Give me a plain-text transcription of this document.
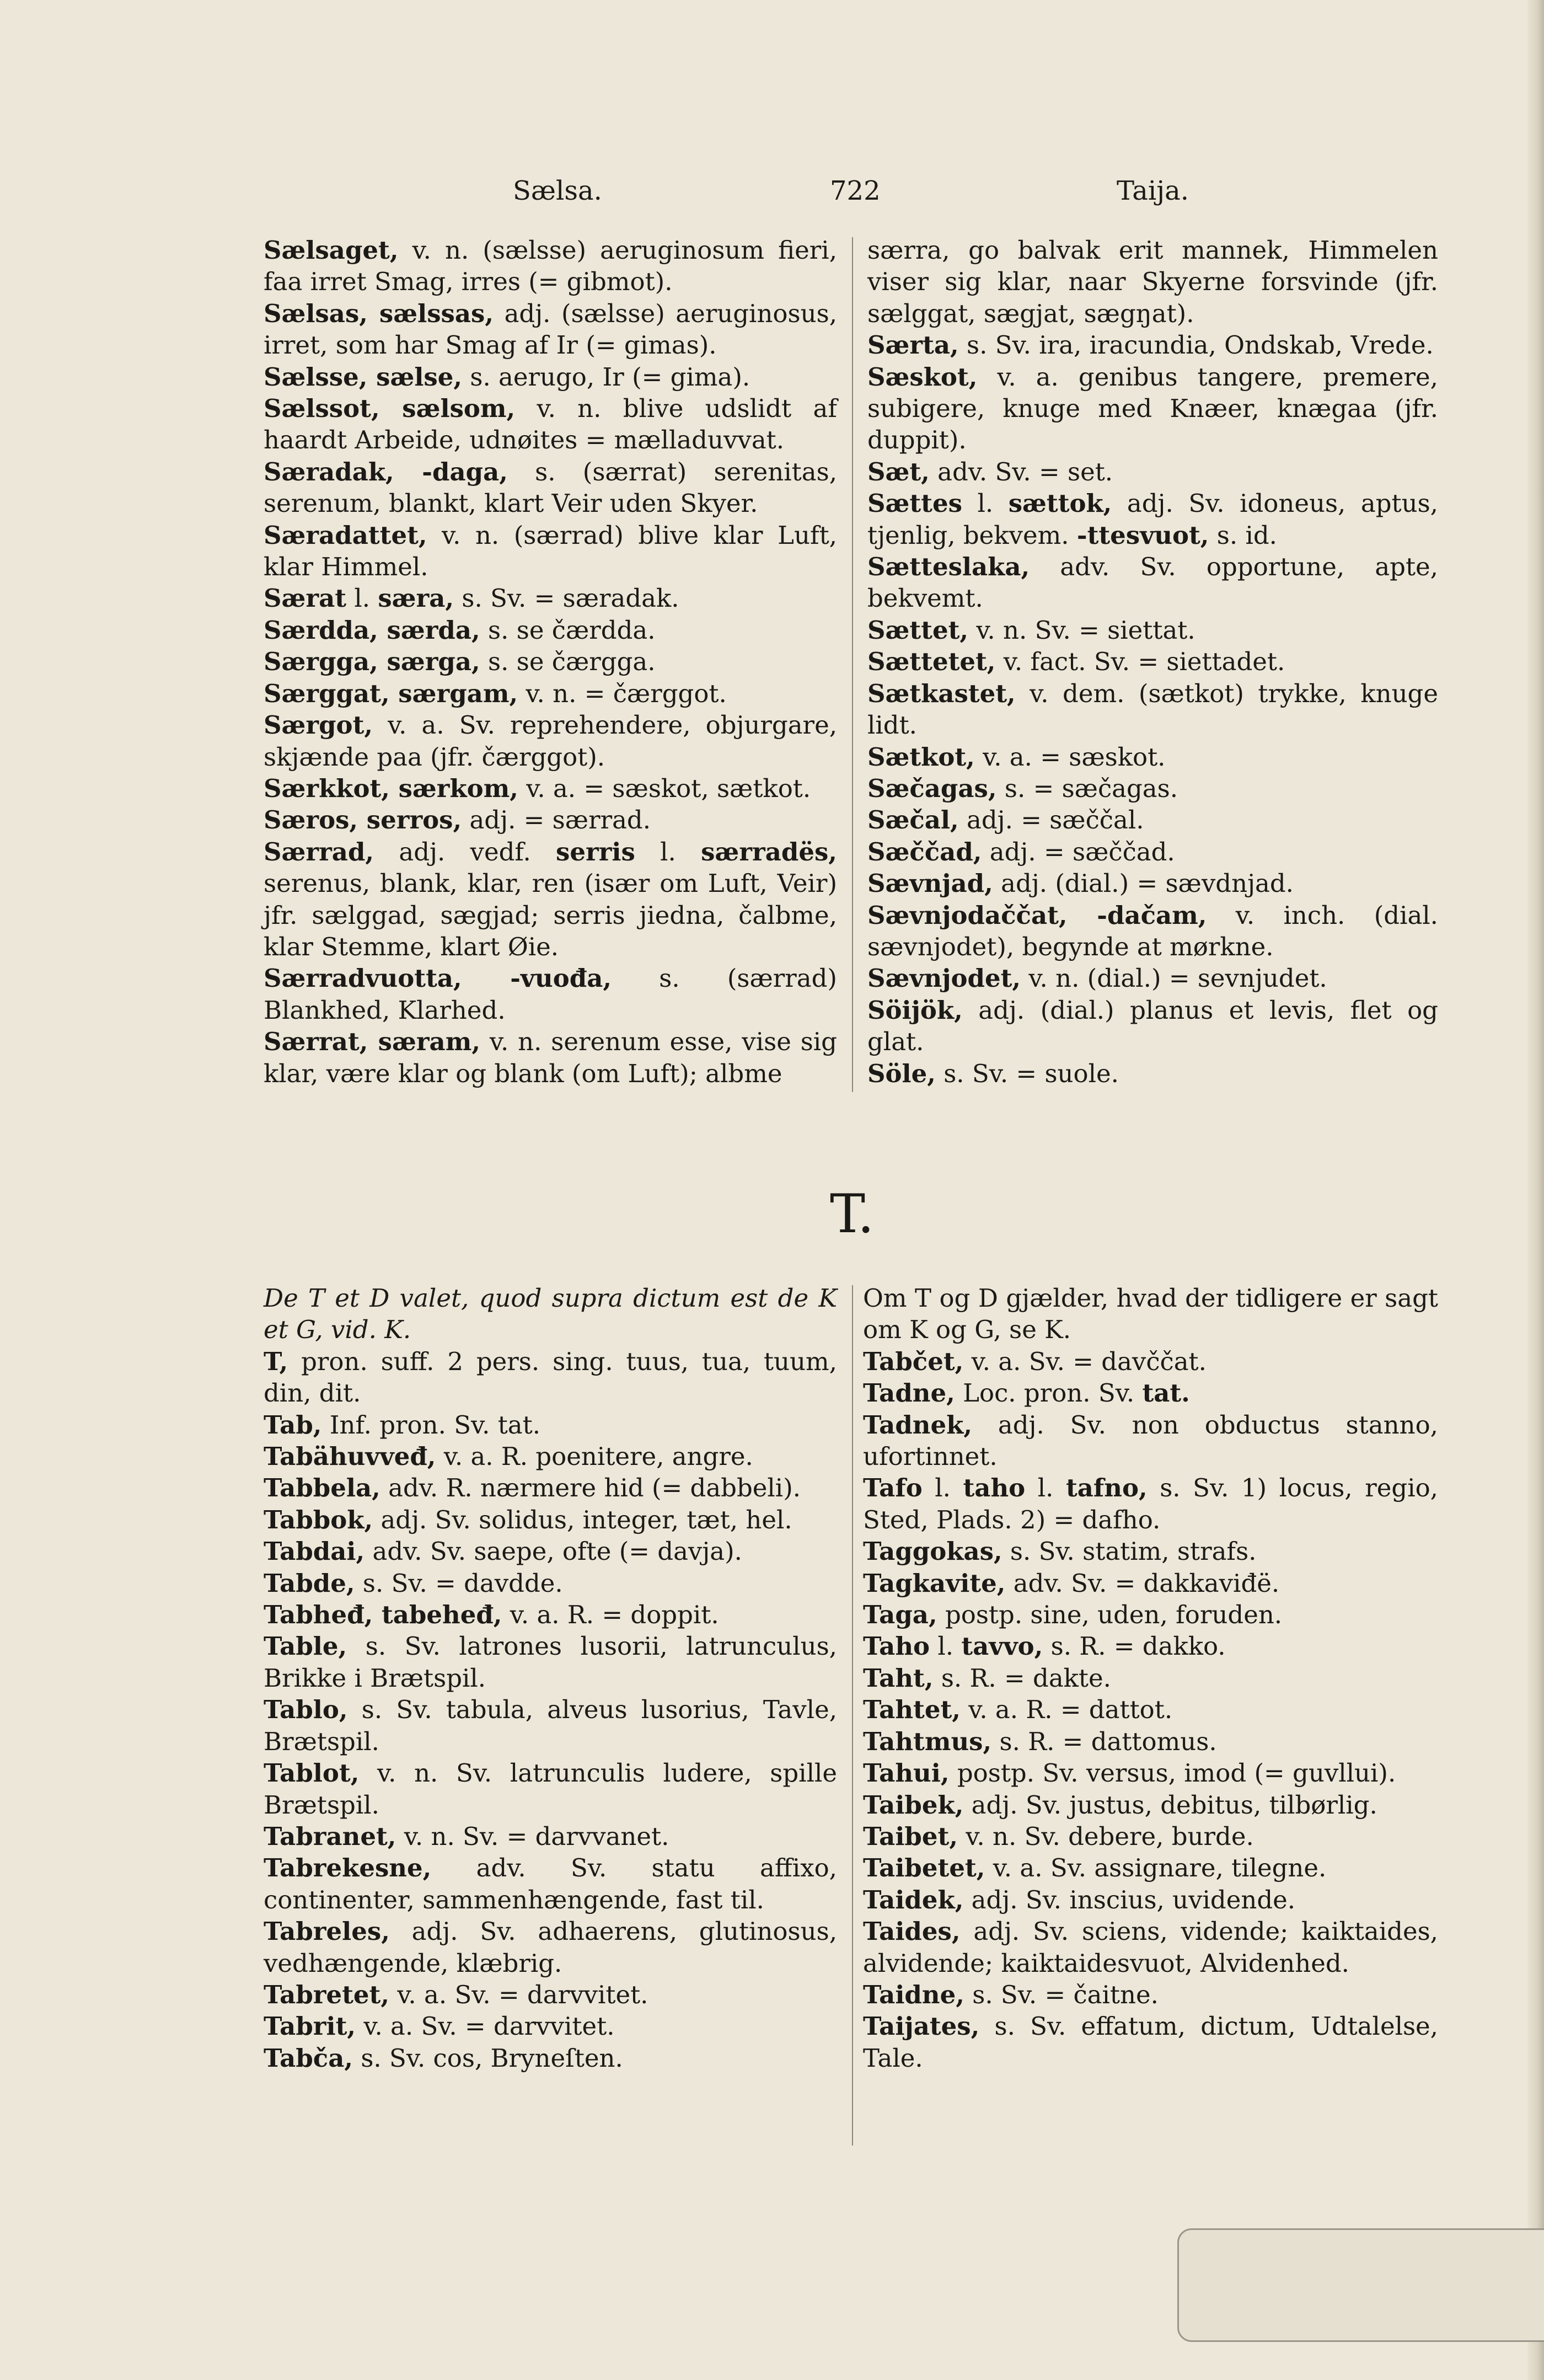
Sælsa.	722	Taija.

Sælsaget, v. n. (sælsse) aeruginosum fieri, faa irret Smag, irres (= gibmot).

Sælsas, sælssas, adj. (sælsse) aeruginosus, irret, som har Smag af Ir (= gimas).

Sælsse, sælse, s. aerugo, Ir (= gima).

Sælssot, sælsom, v. n. blive udslidt af haardt Arbeide, udnøites = mælladuvvat.

Særadak, -daga, s. (særrat) serenitas, serenum, blankt, klart Veir uden Skyer.

Særadattet, v. n. (særrad) blive klar Luft, klar Himmel.

Særat l. særa, s. Sv. = særadak.

Særdda, særda, s. se čærdda.

Særgga, særga, s. se čærgga.

Særggat, særgam, v. n. = čærggot.

Særgot, v. a. Sv. reprehendere, objurgare, skjænde paa (jfr. čærggot).

Særkkot, særkom, v. a. = sæskot, sætkot.

Særos, serros, adj. = særrad.

Særrad, adj. vedf. serris l. særradës, serenus, blank, klar, ren (især om Luft, Veir) jfr. sælggad, sægjad; serris jiedna, čalbme, klar Stemme, klart Øie.

Særradvuotta, -vuođa, s. (særrad) Blankhed, Klarhed.

Særrat, særam, v. n. serenum esse, vise sig klar, være klar og blank (om Luft); albme

særra, go balvak erit mannek, Himmelen viser sig klar, naar Skyerne forsvinde (jfr. sælggat, sægjat, sægŋat).

Særta, s. Sv. ira, iracundia, Ondskab, Vrede.

Sæskot, v. a. genibus tangere, premere, subigere, knuge med Knæer, knægaa (jfr. duppit).

Sæt, adv. Sv. = set.

Sættes l. sættok, adj. Sv. idoneus, aptus, tjenlig, bekvem. -ttesvuot, s. id.

Sætteslaka, adv. Sv. opportune, apte, bekvemt.

Sættet, v. n. Sv. = siettat.

Sættetet, v. fact. Sv. = siettadet.

Sætkastet, v. dem. (sætkot) trykke, knuge lidt.

Sætkot, v. a. = sæskot.

Sæčagas, s. = sæčagas.

Sæčal, adj. = sæččal.

Sæččad, adj. = sæččad.

Sævnjad, adj. (dial.) = sævdnjad.

Sævnjodaččat, -dačam, v. inch. (dial. sævnjodet), begynde at mørkne.

Sævnjodet, v. n. (dial.) = sevnjudet.

Söijök, adj. (dial.) planus et levis, flet og glat.

Söle, s. Sv. = suole.

T.

De T et D valet, quod supra dictum est de K et G, vid. K.

T, pron. suff. 2 pers. sing. tuus, tua, tuum, din, dit.

Tab, Inf. pron. Sv. tat.

Tabähuvveđ, v. a. R. poenitere, angre.

Tabbela, adv. R. nærmere hid (= dabbeli).

Tabbok, adj. Sv. solidus, integer, tæt, hel.

Tabdai, adv. Sv. saepe, ofte (= davja).

Tabde, s. Sv. = davdde.

Tabheđ, tabeheđ, v. a. R. = doppit.

Table, s. Sv. latrones lusorii, latrunculus, Brikke i Brætspil.

Tablo, s. Sv. tabula, alveus lusorius, Tavle, Brætspil.

Tablot, v. n. Sv. latrunculis ludere, spille Brætspil.

Tabranet, v. n. Sv. = darvvanet.

Tabrekesne, adv. Sv. statu affixo, continenter, sammenhængende, fast til.

Tabreles, adj. Sv. adhaerens, glutinosus, vedhængende, klæbrig.

Tabretet, v. a. Sv. = darvvitet.

Tabrit, v. a. Sv. = darvvitet.

Tabča, s. Sv. cos, Bryneſten.

Om T og D gjælder, hvad der tidligere er sagt om K og G, se K.

Tabčet, v. a. Sv. = davččat.

Tadne, Loc. pron. Sv. tat.

Tadnek, adj. Sv. non obductus stanno, ufortinnet.

Tafo l. taho l. tafno, s. Sv. 1) locus, regio, Sted, Plads. 2) = dafho.

Taggokas, s. Sv. statim, strafs.

Tagkavite, adv. Sv. = dakkaviđë.

Taga, postp. sine, uden, foruden.

Taho l. tavvo, s. R. = dakko.

Taht, s. R. = dakte.

Tahtet, v. a. R. = dattot.

Tahtmus, s. R. = dattomus.

Tahui, postp. Sv. versus, imod (= guvllui).

Taibek, adj. Sv. justus, debitus, tilbørlig.

Taibet, v. n. Sv. debere, burde.

Taibetet, v. a. Sv. assignare, tilegne.

Taidek, adj. Sv. inscius, uvidende.

Taides, adj. Sv. sciens, vidende; kaiktaides, alvidende; kaiktaidesvuot, Alvidenhed.

Taidne, s. Sv. = čaitne.

Taijates, s. Sv. effatum, dictum, Udtalelse, Tale.
